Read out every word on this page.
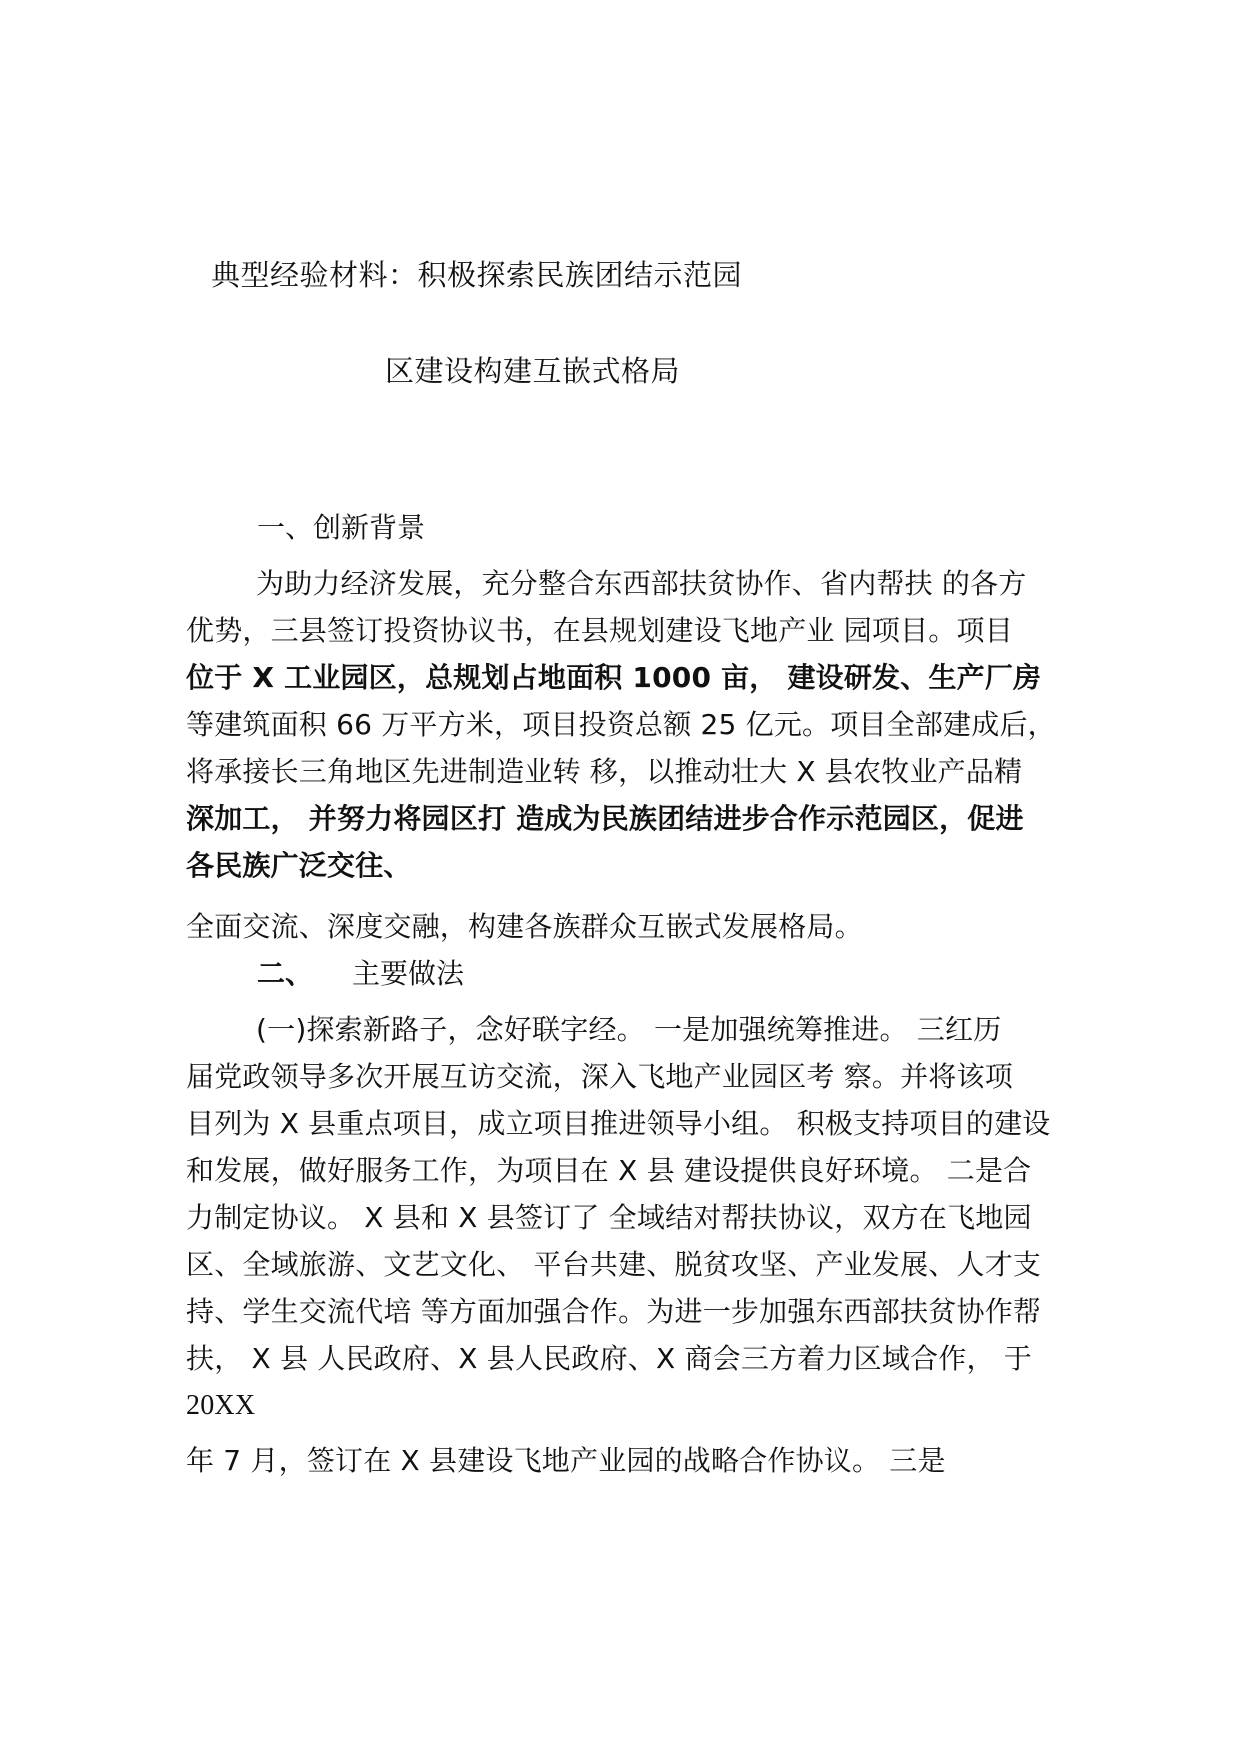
典型经验材料：积极探索民族团结示范园
区建设构建互嵌式格局
一、创新背景

为助力经济发展，充分整合东西部扶贫协作、省内帮扶 的各方

优势，三县签订投资协议书，在县规划建设飞地产业 园项目。项目

位于 X 工业园区，总规划占地面积 1000 亩， 建设研发、生产厂房

等建筑面积 66 万平方米，项目投资总额 25 亿元。项目全部建成后，

将承接长三角地区先进制造业转 移，以推动壮大 X 县农牧业产品精

深加工， 并努力将园区打 造成为民族团结进步合作示范园区，促进

各民族广泛交往、

全面交流、深度交融，构建各族群众互嵌式发展格局。

二、 主要做法

(一)探索新路子，念好联字经。 一是加强统筹推进。 三红历

届党政领导多次开展互访交流，深入飞地产业园区考 察。并将该项

目列为 X 县重点项目，成立项目推进领导小组。 积极支持项目的建设

和发展，做好服务工作，为项目在 X 县 建设提供良好环境。 二是合

力制定协议。 X 县和 X 县签订了 全域结对帮扶协议，双方在飞地园

区、全域旅游、文艺文化、 平台共建、脱贫攻坚、产业发展、人才支

持、学生交流代培 等方面加强合作。为进一步加强东西部扶贫协作帮

扶， X 县 人民政府、X 县人民政府、X 商会三方着力区域合作， 于

20XX

年 7 月，签订在 X 县建设飞地产业园的战略合作协议。 三是
